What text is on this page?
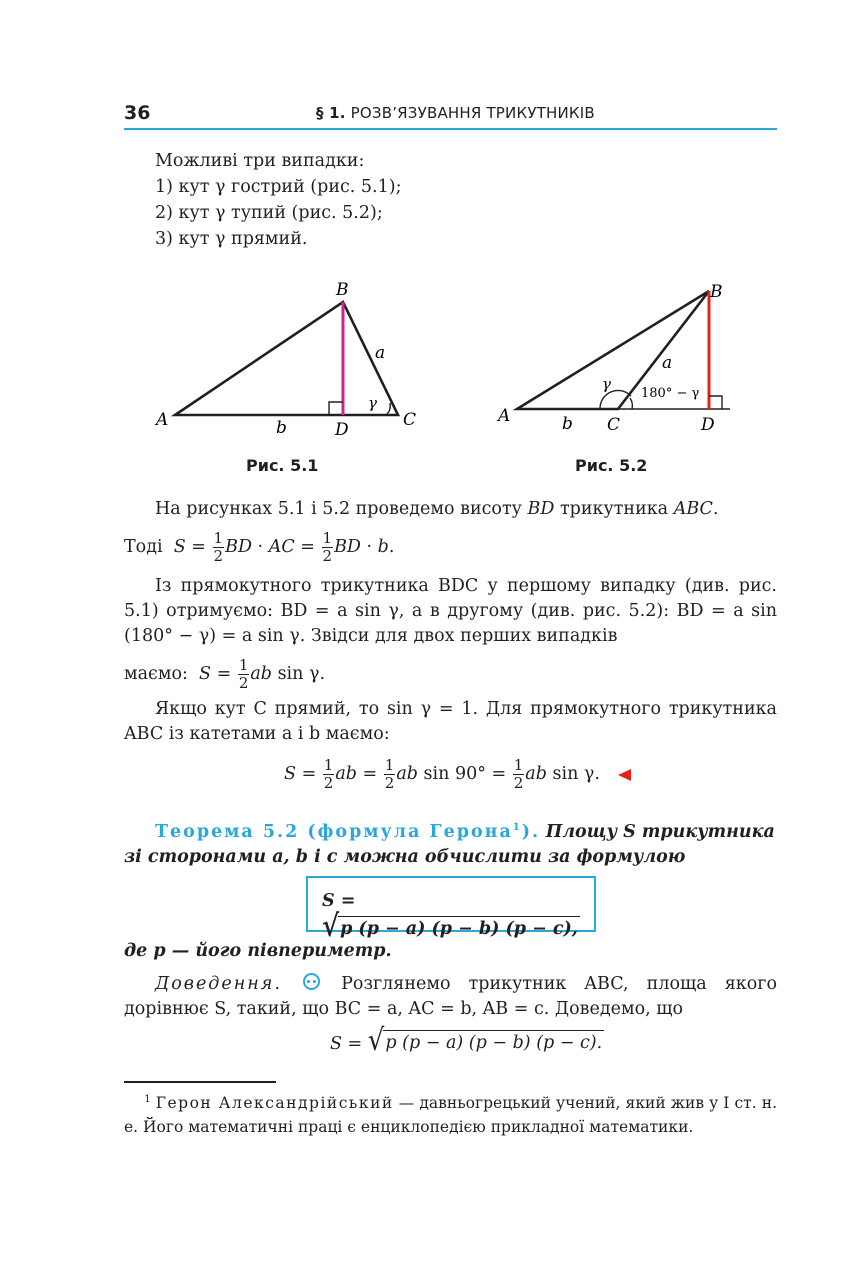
36	§ 1. РОЗВ’ЯЗУВАННЯ ТРИКУТНИКІВ
Можливі три випадки:
1) кут γ гострий (рис. 5.1);
2) кут γ тупий (рис. 5.2);
3) кут γ прямий.
A
B
C
D
a
b
γ
Рис. 5.1
A
B
C	D
a
b
γ
180° − γ
Рис. 5.2
На рисунках 5.1 і 5.2 проведемо висоту BD трикутника ABC.
Тоді $S = \frac{1}{2}$ BD · AC = $\frac{1}{2}$ BD · b.
Із прямокутного трикутника BDC у першому випадку (див. рис. 5.1) отримуємо: BD = a sin γ, а в другому (див. рис. 5.2): BD = a sin (180° − γ) = a sin γ. Звідси для двох перших випадків
маємо: $S = \frac{1}{2}$ ab sin γ.
Якщо кут C прямий, то sin γ = 1. Для прямокутного трикутника ABC із катетами a і b маємо:
$S = \frac{1}{2}$ ab = $\frac{1}{2}$ ab $\sin 90^\circ = \frac{1}{2}$ ab sin γ.
Теорема 5.2 (формула Герона$^1$). Площу S трикутника зі сторонами a, b і c можна обчислити за формулою
S =
√ p (p − a) (p − b) (p − c),
де p — його півпериметр.
Доведення.  Розглянемо трикутник ABC, площа якого дорівнює S, такий, що BC = a, AC = b, AB = c. Доведемо, що
S = √ p (p − a) (p − b) (p − c).
$^1$ Герон Александрійський — давньогрецький учений, який жив у І ст. н. е. Його математичні праці є енциклопедією прикладної математики.
